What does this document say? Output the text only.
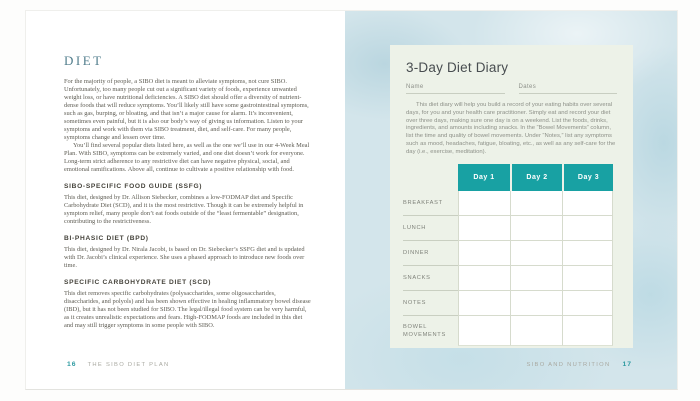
DIET

For the majority of people, a SIBO diet is meant to alleviate symptoms, not cure SIBO. Unfortunately, too many people cut out a significant variety of foods, experience unwanted weight loss, or have nutritional deficiencies. A SIBO diet should offer a diversity of nutrient-dense foods that will reduce symptoms. You’ll likely still have some gastrointestinal symptoms, such as gas, burping, or bloating, and that isn’t a major cause for alarm. It’s inconvenient, sometimes even painful, but it is also our body’s way of giving us information. Listen to your symptoms and work with them via SIBO treatment, diet, and self-care. For many people, symptoms change and lessen over time.

You’ll find several popular diets listed here, as well as the one we’ll use in our 4-Week Meal Plan. With SIBO, symptoms can be extremely varied, and one diet doesn’t work for everyone. Long-term strict adherence to any restrictive diet can have negative physical, social, and emotional ramifications. Above all, continue to cultivate a positive relationship with food.

SIBO-SPECIFIC FOOD GUIDE (SSFG)

This diet, designed by Dr. Allison Siebecker, combines a low-FODMAP diet and Specific Carbohydrate Diet (SCD), and it is the most restrictive. Though it can be extremely helpful in symptom relief, many people don’t eat foods outside of the “least fermentable” designation, contributing to the restrictiveness.

BI-PHASIC DIET (BPD)

This diet, designed by Dr. Nirala Jacobi, is based on Dr. Siebecker’s SSFG diet and is updated with Dr. Jacobi’s clinical experience. She uses a phased approach to introduce new foods over time.

SPECIFIC CARBOHYDRATE DIET (SCD)

This diet removes specific carbohydrates (polysaccharides, some oligosaccharides, disaccharides, and polyols) and has been shown effective in healing inflammatory bowel disease (IBD), but it has not been studied for SIBO. The legal/illegal food system can be very harmful, as it creates unrealistic expectations and fears. High-FODMAP foods are included in this diet and may still trigger symptoms in some people with SIBO.

16 THE SIBO DIET PLAN
3-Day Diet Diary
Name	Dates

This diet diary will help you build a record of your eating habits over several days, for you and your health care practitioner. Simply eat and record your diet over three days, making sure one day is on a weekend. List the foods, drinks, ingredients, and amounts including snacks. In the “Bowel Movements” column, list the time and quality of bowel movements. Under “Notes,” list any symptoms such as mood, headaches, fatigue, bloating, etc., as well as any self-care for the day (i.e., exercise, meditation).

Day 1	Day 2	Day 3
BREAKFAST
LUNCH
DINNER
SNACKS
NOTES
BOWEL MOVEMENTS
SIBO AND NUTRITION 17
